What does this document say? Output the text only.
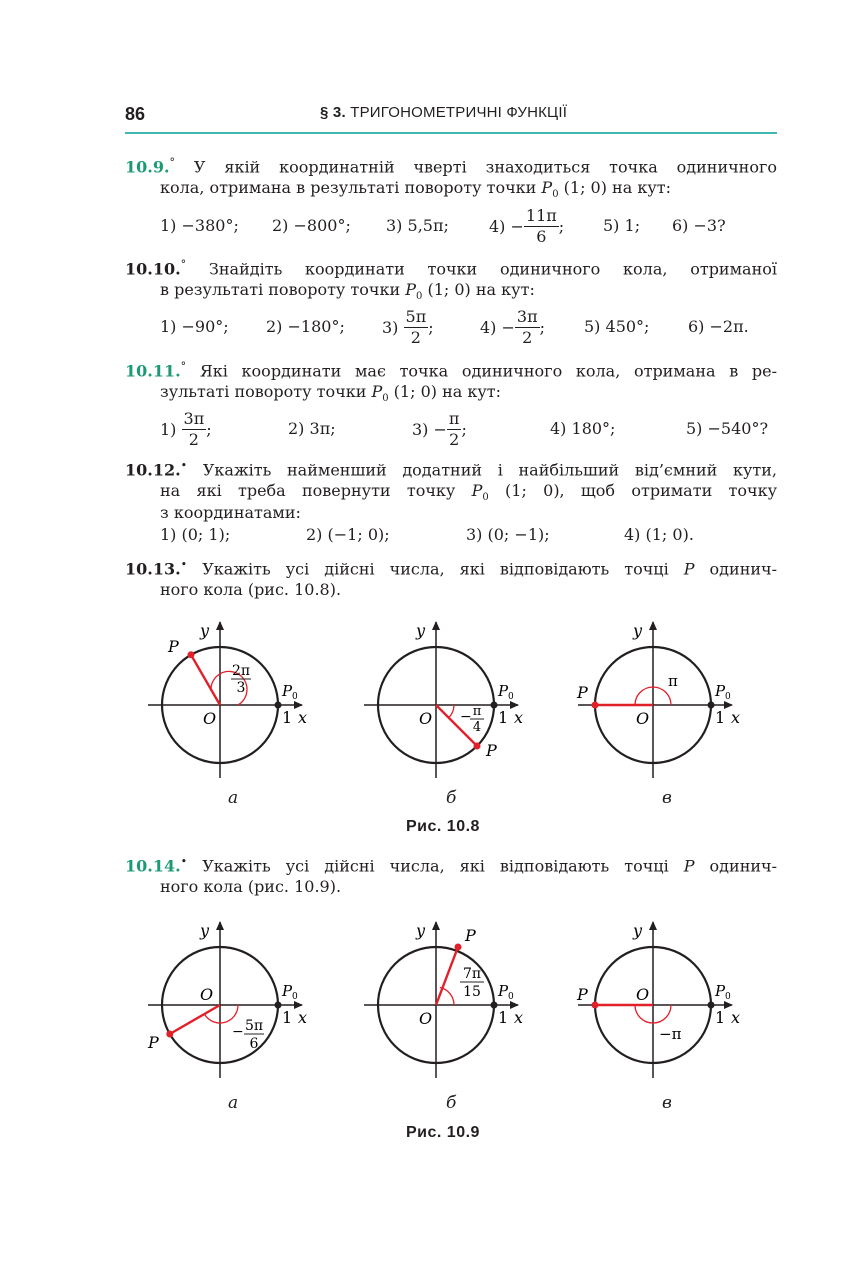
86	§ 3. ТРИГОНОМЕТРИЧНІ ФУНКЦІЇ
10.9.° У якій координатній чверті знаходиться точка одиничного
кола, отримана в результаті повороту точки $P_0$ (1; 0) на кут:
1) −380°; 2) −800°; 3) 5,5π;	$4) - \frac{11\pi}{6}$ ; 5) 1; 6) −3?
10.10.° Знайдіть координати точки одиничного кола, отриманої
в результаті повороту точки $P_0$ (1; 0) на кут:
1) −90°; 2) −180°; $3) \frac{5\pi}{2}$ ;	$4) - \frac{3\pi}{2}$ ; 5) 450°; 6) −2π.
10.11.° Які координати має точка одиничного кола, отримана в ре-
зультаті повороту точки $P_0$ (1; 0) на кут:
$1) \frac{3\pi}{2}$ ;	2) 3π;	$3) - \frac{\pi}{2}$ ;	4) 180°;	5) −540°?
10.12.• Укажіть найменший додатний і найбільший від’ємний кути,
на які треба повернути точку $P_0$ (1; 0), щоб отримати точку
з координатами:
1) (0; 1);	2) (−1; 0);	3) (0; −1);	4) (1; 0).
10.13.• Укажіть усі дійсні числа, які відповідають точці P одинич-
ного кола (рис. 10.8).
P
O	1 x
y
P 0
2π
3
P
O	1 x
y
P 0
− π
4
P
O	1 x
y
P 0
π
а	б	в
Рис. 10.8
10.14.• Укажіть усі дійсні числа, які відповідають точці P одинич-
ного кола (рис. 10.9).
P
O
1 x
y
P 0
− 5π
6
P
O	1 x
y
P 0
7π
15	P	O
1 x
y
P 0
−π
а	б	в
Рис. 10.9
